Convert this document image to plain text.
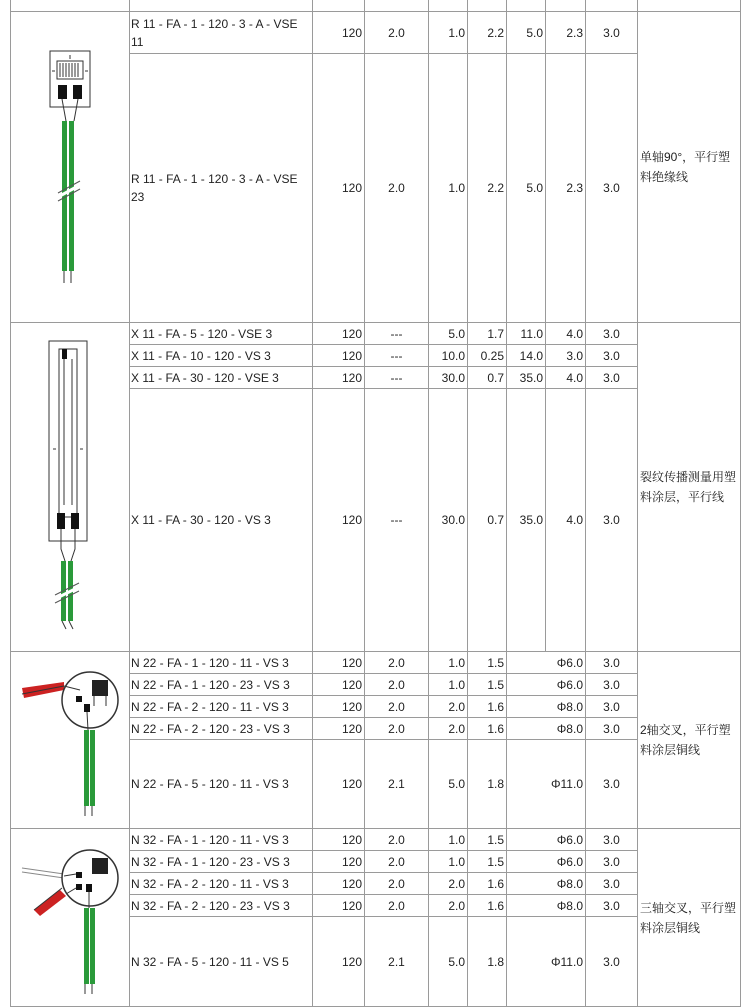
	R 11 - FA - 1 - 120 - 3 - A - VSE 11	120	2.0	1.0	2.2	5.0	2.3	3.0	单轴90°，平行塑料绝缘线
	R 11 - FA - 1 - 120 - 3 - A - VSE 23	120	2.0	1.0	2.2	5.0	2.3	3.0	

	X 11 - FA - 5 - 120 - VSE 3	120	---	5.0	1.7	11.0	4.0	3.0	裂纹传播测量用塑料涂层，平行线
	X 11 - FA - 10 - 120 - VS 3	120	---	10.0	0.25	14.0	3.0	3.0	
	X 11 - FA - 30 - 120 - VSE 3	120	---	30.0	0.7	35.0	4.0	3.0	
	X 11 - FA - 30 - 120 - VS 3	120	---	30.0	0.7	35.0	4.0	3.0	

	N 22 - FA - 1 - 120 - 11 - VS 3	120	2.0	1.0	1.5	Φ6.0		3.0	2轴交叉，平行塑料涂层铜线
	N 22 - FA - 1 - 120 - 23 - VS 3	120	2.0	1.0	1.5	Φ6.0		3.0	
	N 22 - FA - 2 - 120 - 11 - VS 3	120	2.0	2.0	1.6	Φ8.0		3.0	
	N 22 - FA - 2 - 120 - 23 - VS 3	120	2.0	2.0	1.6	Φ8.0		3.0	
	N 22 - FA - 5 - 120 - 11 - VS 3	120	2.1	5.0	1.8	Φ11.0		3.0	

	N 32 - FA - 1 - 120 - 11 - VS 3	120	2.0	1.0	1.5	Φ6.0		3.0	三轴交叉，平行塑料涂层铜线
	N 32 - FA - 1 - 120 - 23 - VS 3	120	2.0	1.0	1.5	Φ6.0		3.0	
	N 32 - FA - 2 - 120 - 11 - VS 3	120	2.0	2.0	1.6	Φ8.0		3.0	
	N 32 - FA - 2 - 120 - 23 - VS 3	120	2.0	2.0	1.6	Φ8.0		3.0	
	N 32 - FA - 5 - 120 - 11 - VS 5	120	2.1	5.0	1.8	Φ11.0		3.0	
